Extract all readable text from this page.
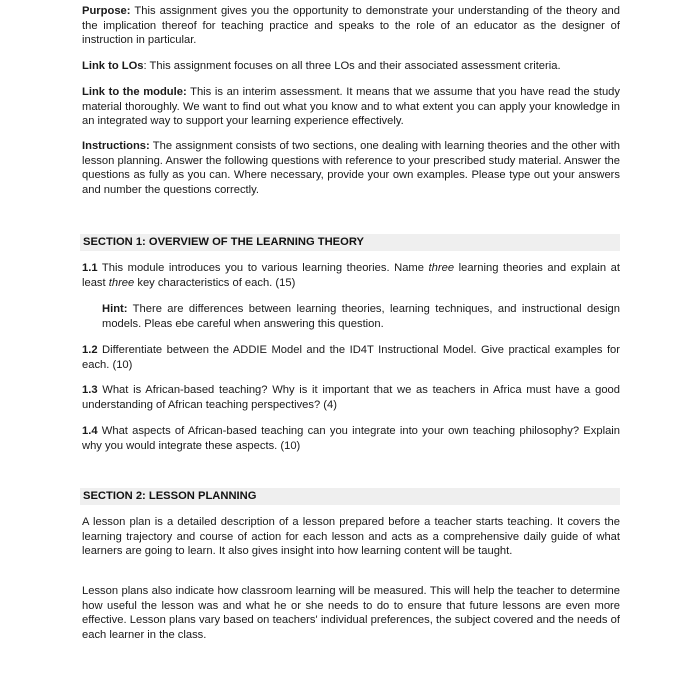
Purpose: This assignment gives you the opportunity to demonstrate your understanding of the theory and the implication thereof for teaching practice and speaks to the role of an educator as the designer of instruction in particular.

Link to LOs: This assignment focuses on all three LOs and their associated assessment criteria.

Link to the module: This is an interim assessment. It means that we assume that you have read the study material thoroughly. We want to find out what you know and to what extent you can apply your knowledge in an integrated way to support your learning experience effectively.

Instructions: The assignment consists of two sections, one dealing with learning theories and the other with lesson planning. Answer the following questions with reference to your prescribed study material. Answer the questions as fully as you can. Where necessary, provide your own examples. Please type out your answers and number the questions correctly.

SECTION 1: OVERVIEW OF THE LEARNING THEORY

1.1 This module introduces you to various learning theories. Name three learning theories and explain at least three key characteristics of each. (15)

Hint: There are differences between learning theories, learning techniques, and instructional design models. Pleas ebe careful when answering this question.

1.2 Differentiate between the ADDIE Model and the ID4T Instructional Model. Give practical examples for each. (10)

1.3 What is African-based teaching? Why is it important that we as teachers in Africa must have a good understanding of African teaching perspectives? (4)

1.4 What aspects of African-based teaching can you integrate into your own teaching philosophy? Explain why you would integrate these aspects. (10)

SECTION 2: LESSON PLANNING

A lesson plan is a detailed description of a lesson prepared before a teacher starts teaching. It covers the learning trajectory and course of action for each lesson and acts as a comprehensive daily guide of what learners are going to learn. It also gives insight into how learning content will be taught.

Lesson plans also indicate how classroom learning will be measured. This will help the teacher to determine how useful the lesson was and what he or she needs to do to ensure that future lessons are even more effective. Lesson plans vary based on teachers' individual preferences, the subject covered and the needs of each learner in the class.
